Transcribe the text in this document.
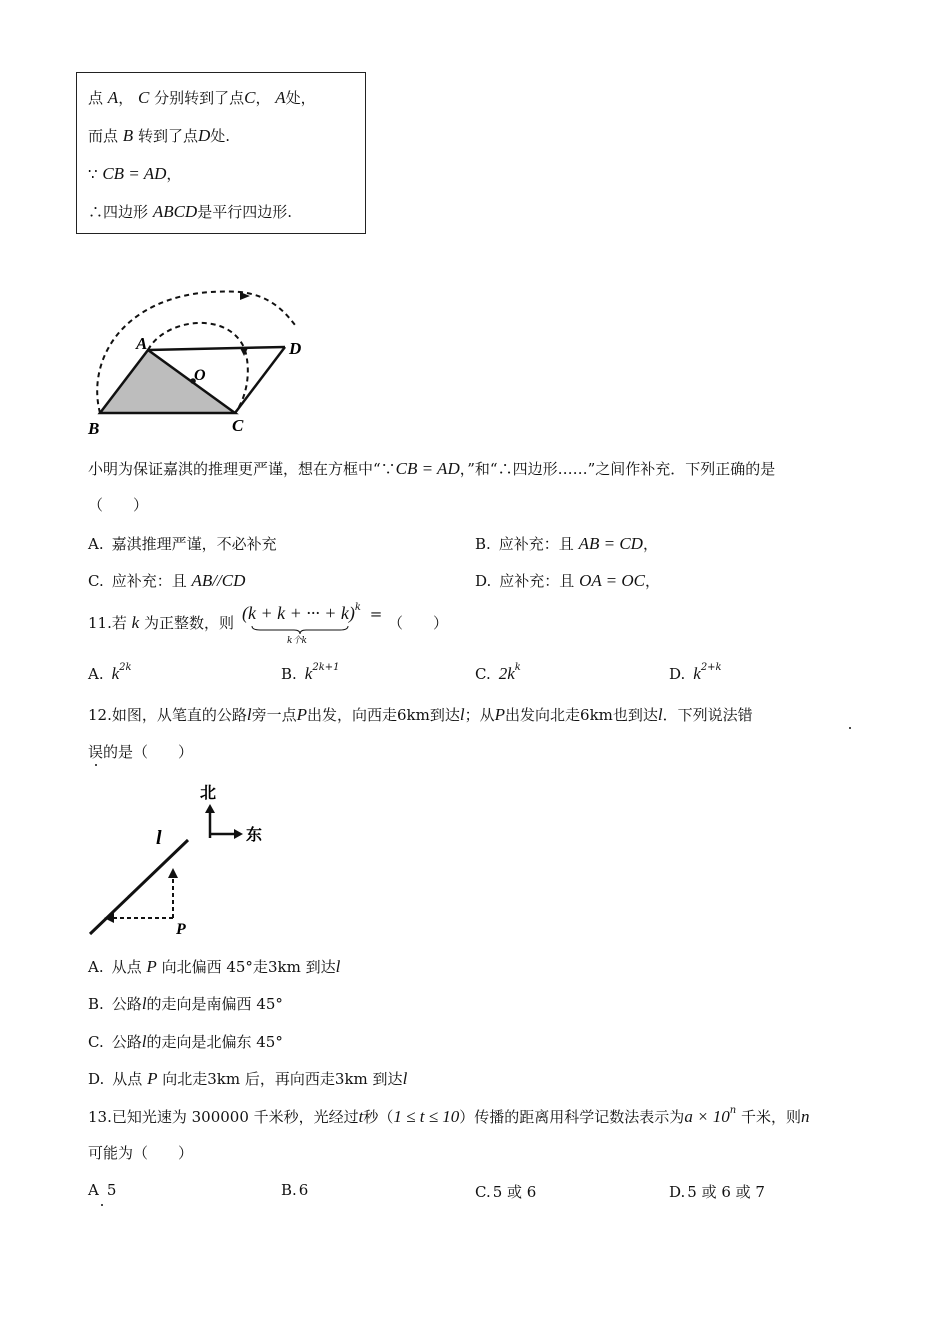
点 A， C 分别转到了点C， A处，
而点 B 转到了点D处.
∵ CB = AD，
∴四边形 ABCD是平行四边形.
A
B	C
D
O
小明为保证嘉淇的推理更严谨，想在方框中“∵CB = AD，”和“∴四边形……”之间作补充．下列正确的是
（　　）
A. 嘉淇推理严谨，不必补充	B. 应补充：且 AB = CD，
C. 应补充：且 AB//CD	D. 应补充：且 OA = OC，
11.若 k 为正整数，则 (k + k + ··· + k)$^k$ =
k个k
（　　）
A. $k^{2k}$	B. $k^{2k+1}$	C. $2k^k$	D. $k^{2+k}$
12.如图，从笔直的公路l旁一点P出发，向西走6km到达l；从P出发向北走6km也到达l．下列说法错
误的是（　　）
l
P
北
东
A. 从点 P 向北偏西 45°走3km 到达l
B. 公路l的走向是南偏西 45°
C. 公路l的走向是北偏东 45°
D. 从点 P 向北走3km 后，再向西走3km 到达l
13.已知光速为 300000 千米秒，光经过t秒（1 ≤ t ≤ 10）传播的距离用科学记数法表示为$a \times 10^n$ 千米，则n
可能为（　　）
A 5	B. 6	C. 5 或 6	D. 5 或 6 或 7
